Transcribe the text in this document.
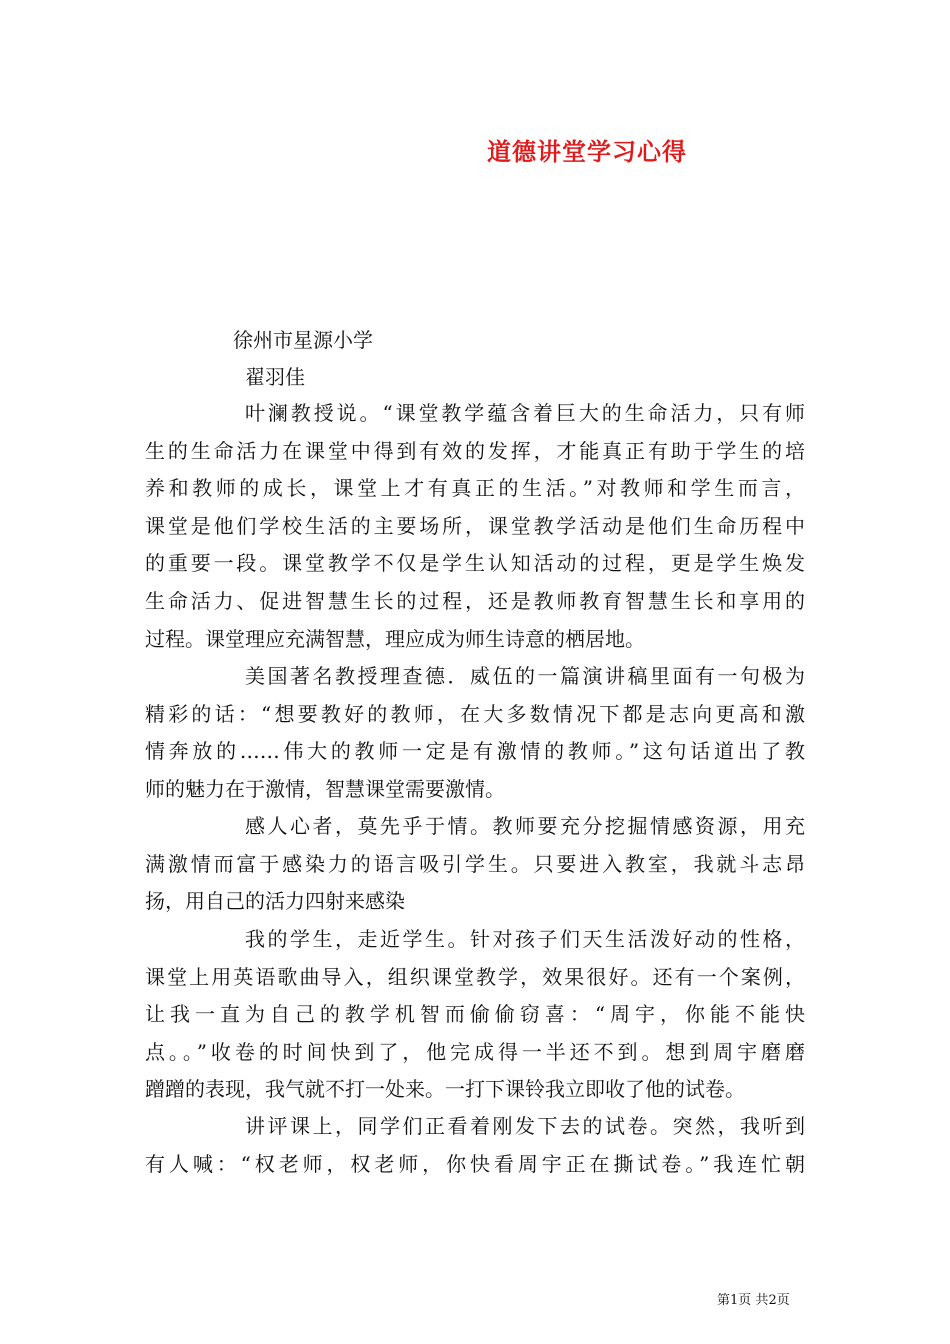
道德讲堂学习心得
徐州市星源小学
翟羽佳
叶澜教授说。“课堂教学蕴含着巨大的生命活力，只有师
生的生命活力在课堂中得到有效的发挥，才能真正有助于学生的培
养和教师的成长，课堂上才有真正的生活。”对教师和学生而言，
课堂是他们学校生活的主要场所，课堂教学活动是他们生命历程中
的重要一段。课堂教学不仅是学生认知活动的过程，更是学生焕发
生命活力、促进智慧生长的过程，还是教师教育智慧生长和享用的
过程。课堂理应充满智慧，理应成为师生诗意的栖居地。
美国著名教授理查德．威伍的一篇演讲稿里面有一句极为
精彩的话：“想要教好的教师，在大多数情况下都是志向更高和激
情奔放的……伟大的教师一定是有激情的教师。”这句话道出了教
师的魅力在于激情，智慧课堂需要激情。
感人心者，莫先乎于情。教师要充分挖掘情感资源，用充
满激情而富于感染力的语言吸引学生。只要进入教室，我就斗志昂
扬，用自己的活力四射来感染
我的学生，走近学生。针对孩子们天生活泼好动的性格，
课堂上用英语歌曲导入，组织课堂教学，效果很好。还有一个案例，
让我一直为自己的教学机智而偷偷窃喜：“周宇，你能不能快
点。。”收卷的时间快到了，他完成得一半还不到。想到周宇磨磨
蹭蹭的表现，我气就不打一处来。一打下课铃我立即收了他的试卷。
讲评课上，同学们正看着刚发下去的试卷。突然，我听到
有人喊：“权老师，权老师，你快看周宇正在撕试卷。”我连忙朝
第1页 共2页
